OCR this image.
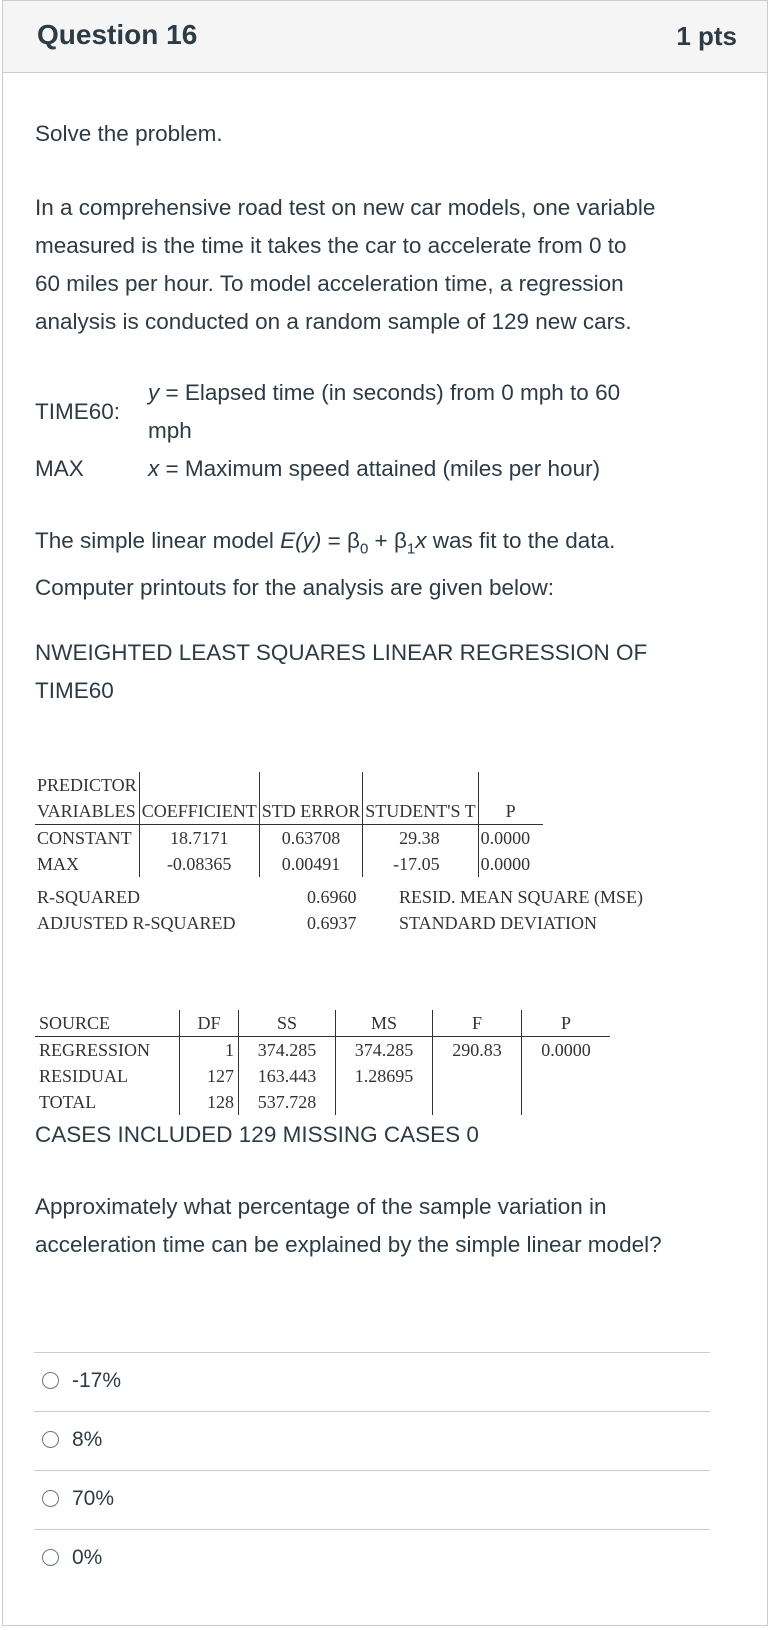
Question 16	1 pts
Solve the problem.
In a comprehensive road test on new car models, one variable
measured is the time it takes the car to accelerate from 0 to
60 miles per hour. To model acceleration time, a regression
analysis is conducted on a random sample of 129 new cars.
TIME60:	y = Elapsed time (in seconds) from 0 mph to 60
mph

MAX	x = Maximum speed attained (miles per hour)
The simple linear model $E(y) = \beta_0 + \beta_1x$ was fit to the data.
Computer printouts for the analysis are given below:
NWEIGHTED LEAST SQUARES LINEAR REGRESSION OF
TIME60
PREDICTOR				
VARIABLES	COEFFICIENT	STD ERROR	STUDENT'S T	P
CONSTANT	18.7171	0.63708	29.38	0.0000
MAX	-0.08365	0.00491	-17.05	0.0000
R-SQUARED	0.6960	RESID. MEAN SQUARE (MSE)
ADJUSTED R-SQUARED	0.6937	STANDARD DEVIATION
SOURCE	DF	SS	MS	F	P
REGRESSION	1	374.285	374.285	290.83	0.0000
RESIDUAL	127	163.443	1.28695		
TOTAL	128	537.728			
CASES INCLUDED 129 MISSING CASES 0
Approximately what percentage of the sample variation in
acceleration time can be explained by the simple linear model?
-17%
8%
70%
0%
